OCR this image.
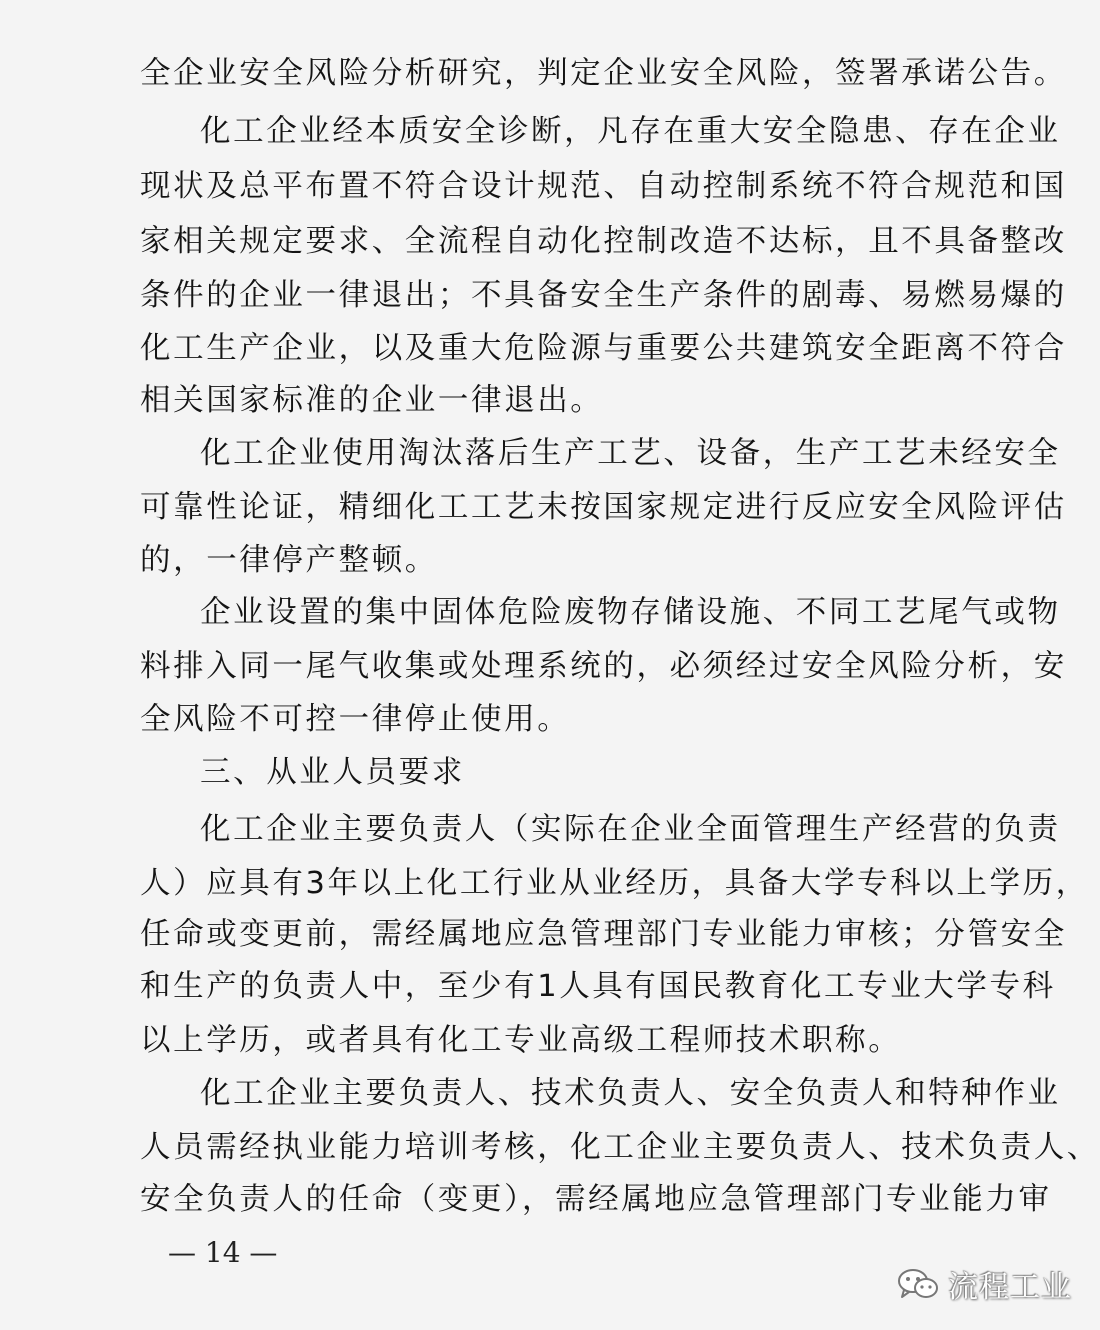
全企业安全风险分析研究，判定企业安全风险，签署承诺公告。
化工企业经本质安全诊断，凡存在重大安全隐患、存在企业
现状及总平布置不符合设计规范、自动控制系统不符合规范和国
家相关规定要求、全流程自动化控制改造不达标，且不具备整改
条件的企业一律退出；不具备安全生产条件的剧毒、易燃易爆的
化工生产企业，以及重大危险源与重要公共建筑安全距离不符合
相关国家标准的企业一律退出。
化工企业使用淘汰落后生产工艺、设备，生产工艺未经安全
可靠性论证，精细化工工艺未按国家规定进行反应安全风险评估
的，一律停产整顿。
企业设置的集中固体危险废物存储设施、不同工艺尾气或物
料排入同一尾气收集或处理系统的，必须经过安全风险分析，安
全风险不可控一律停止使用。
三、从业人员要求
化工企业主要负责人（实际在企业全面管理生产经营的负责
人）应具有3年以上化工行业从业经历，具备大学专科以上学历，
任命或变更前，需经属地应急管理部门专业能力审核；分管安全
和生产的负责人中，至少有1人具有国民教育化工专业大学专科
以上学历，或者具有化工专业高级工程师技术职称。
化工企业主要负责人、技术负责人、安全负责人和特种作业
人员需经执业能力培训考核，化工企业主要负责人、技术负责人、
安全负责人的任命（变更），需经属地应急管理部门专业能力审
— 14 —
流程工业
